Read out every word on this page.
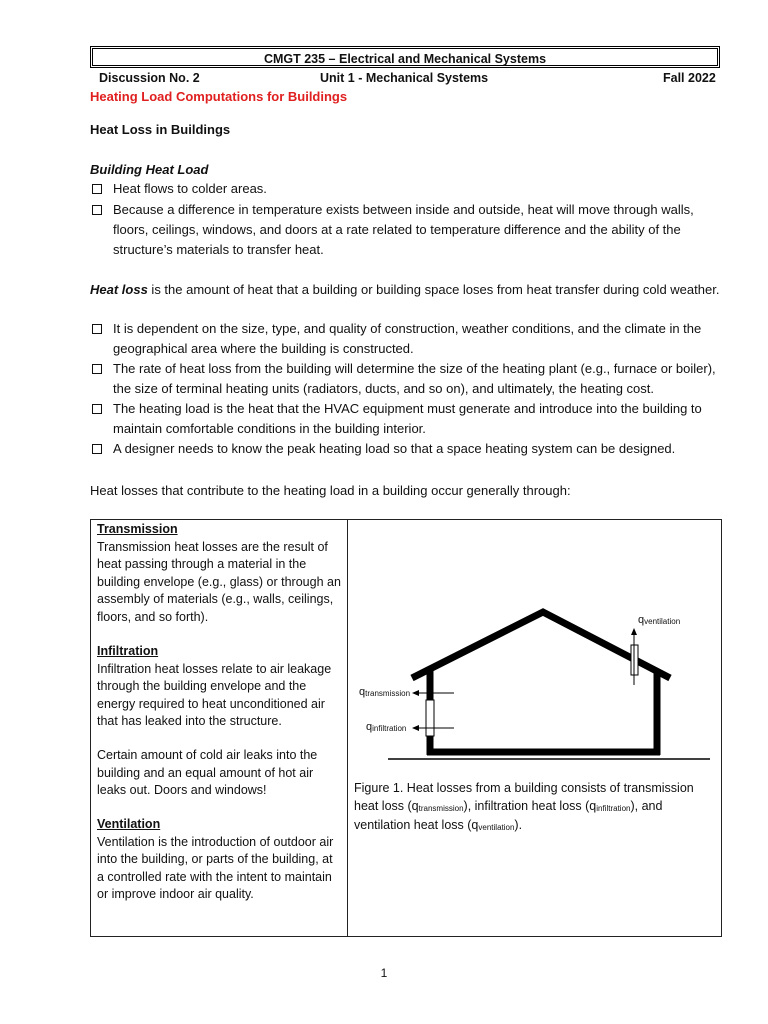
CMGT 235 – Electrical and Mechanical Systems
Discussion No. 2	Unit 1 - Mechanical Systems	Fall 2022
Heating Load Computations for Buildings
Heat Loss in Buildings
Building Heat Load
Heat flows to colder areas.
Because a difference in temperature exists between inside and outside, heat will move through walls, floors, ceilings, windows, and doors at a rate related to temperature difference and the ability of the structure’s materials to transfer heat.
Heat loss is the amount of heat that a building or building space loses from heat transfer during cold weather.
It is dependent on the size, type, and quality of construction, weather conditions, and the climate in the geographical area where the building is constructed.
The rate of heat loss from the building will determine the size of the heating plant (e.g., furnace or boiler), the size of terminal heating units (radiators, ducts, and so on), and ultimately, the heating cost.
The heating load is the heat that the HVAC equipment must generate and introduce into the building to maintain comfortable conditions in the building interior.
A designer needs to know the peak heating load so that a space heating system can be designed.
Heat losses that contribute to the heating load in a building occur generally through:
Transmission
Transmission heat losses are the result of heat passing through a material in the building envelope (e.g., glass) or through an assembly of materials (e.g., walls, ceilings, floors, and so forth).
Infiltration
Infiltration heat losses relate to air leakage through the building envelope and the energy required to heat unconditioned air that has leaked into the structure.
Certain amount of cold air leaks into the building and an equal amount of hot air leaks out. Doors and windows!
Ventilation
Ventilation is the introduction of outdoor air into the building, or parts of the building, at a controlled rate with the intent to maintain or improve indoor air quality.
$q_{transmission}$
$q_{infiltration}$
$q_{ventilation}$
Figure 1. Heat losses from a building consists of transmission heat loss $(q_{transmission})$, infiltration heat loss $(q_{infiltration})$, and ventilation heat loss $(q_{ventilation})$.
1
